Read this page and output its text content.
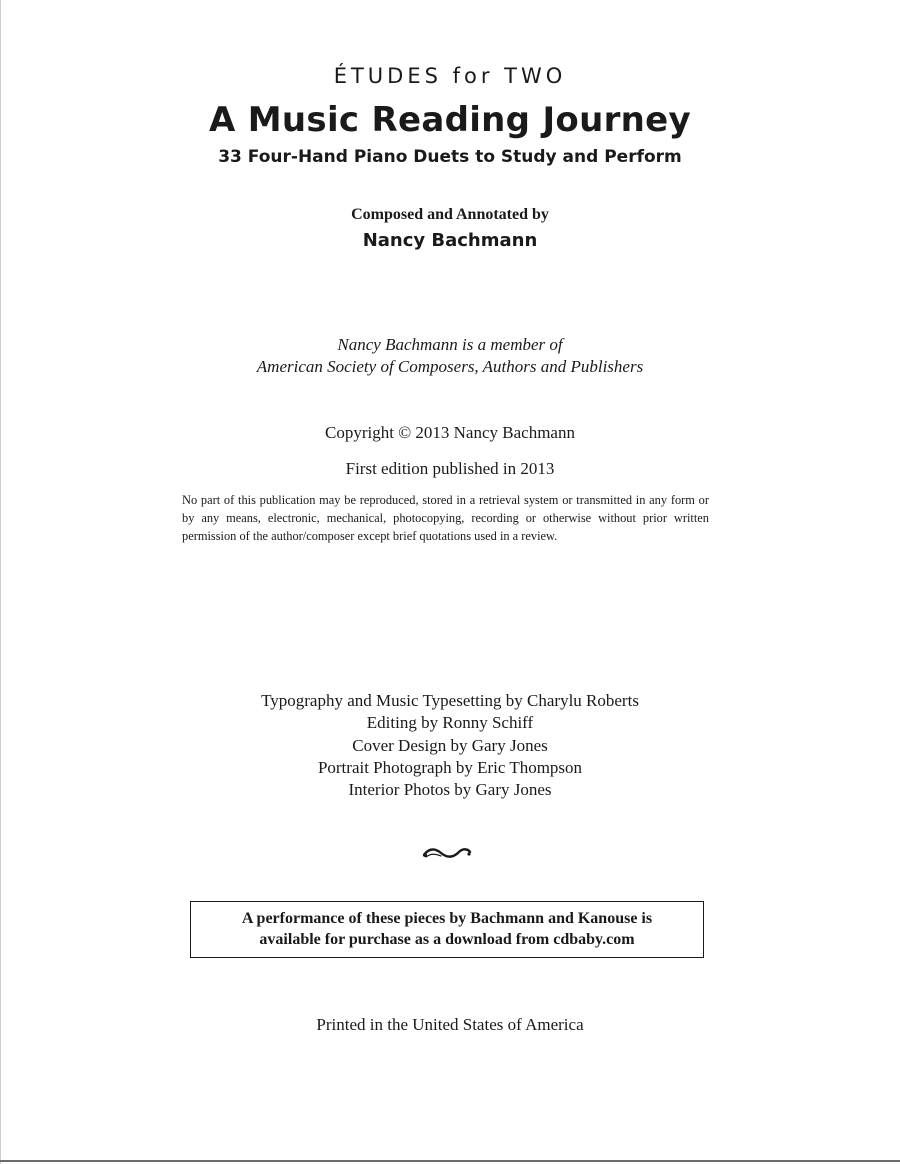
ÉTUDES for TWO
A Music Reading Journey
33 Four-Hand Piano Duets to Study and Perform
Composed and Annotated by
Nancy Bachmann
Nancy Bachmann is a member of
American Society of Composers, Authors and Publishers
Copyright © 2013 Nancy Bachmann
First edition published in 2013
No part of this publication may be reproduced, stored in a retrieval system or transmitted in any form or by any means, electronic, mechanical, photocopying, recording or otherwise without prior written permission of the author/composer except brief quotations used in a review.
Typography and Music Typesetting by Charylu Roberts
Editing by Ronny Schiff
Cover Design by Gary Jones
Portrait Photograph by Eric Thompson
Interior Photos by Gary Jones
A performance of these pieces by Bachmann and Kanouse is
available for purchase as a download from cdbaby.com
Printed in the United States of America
